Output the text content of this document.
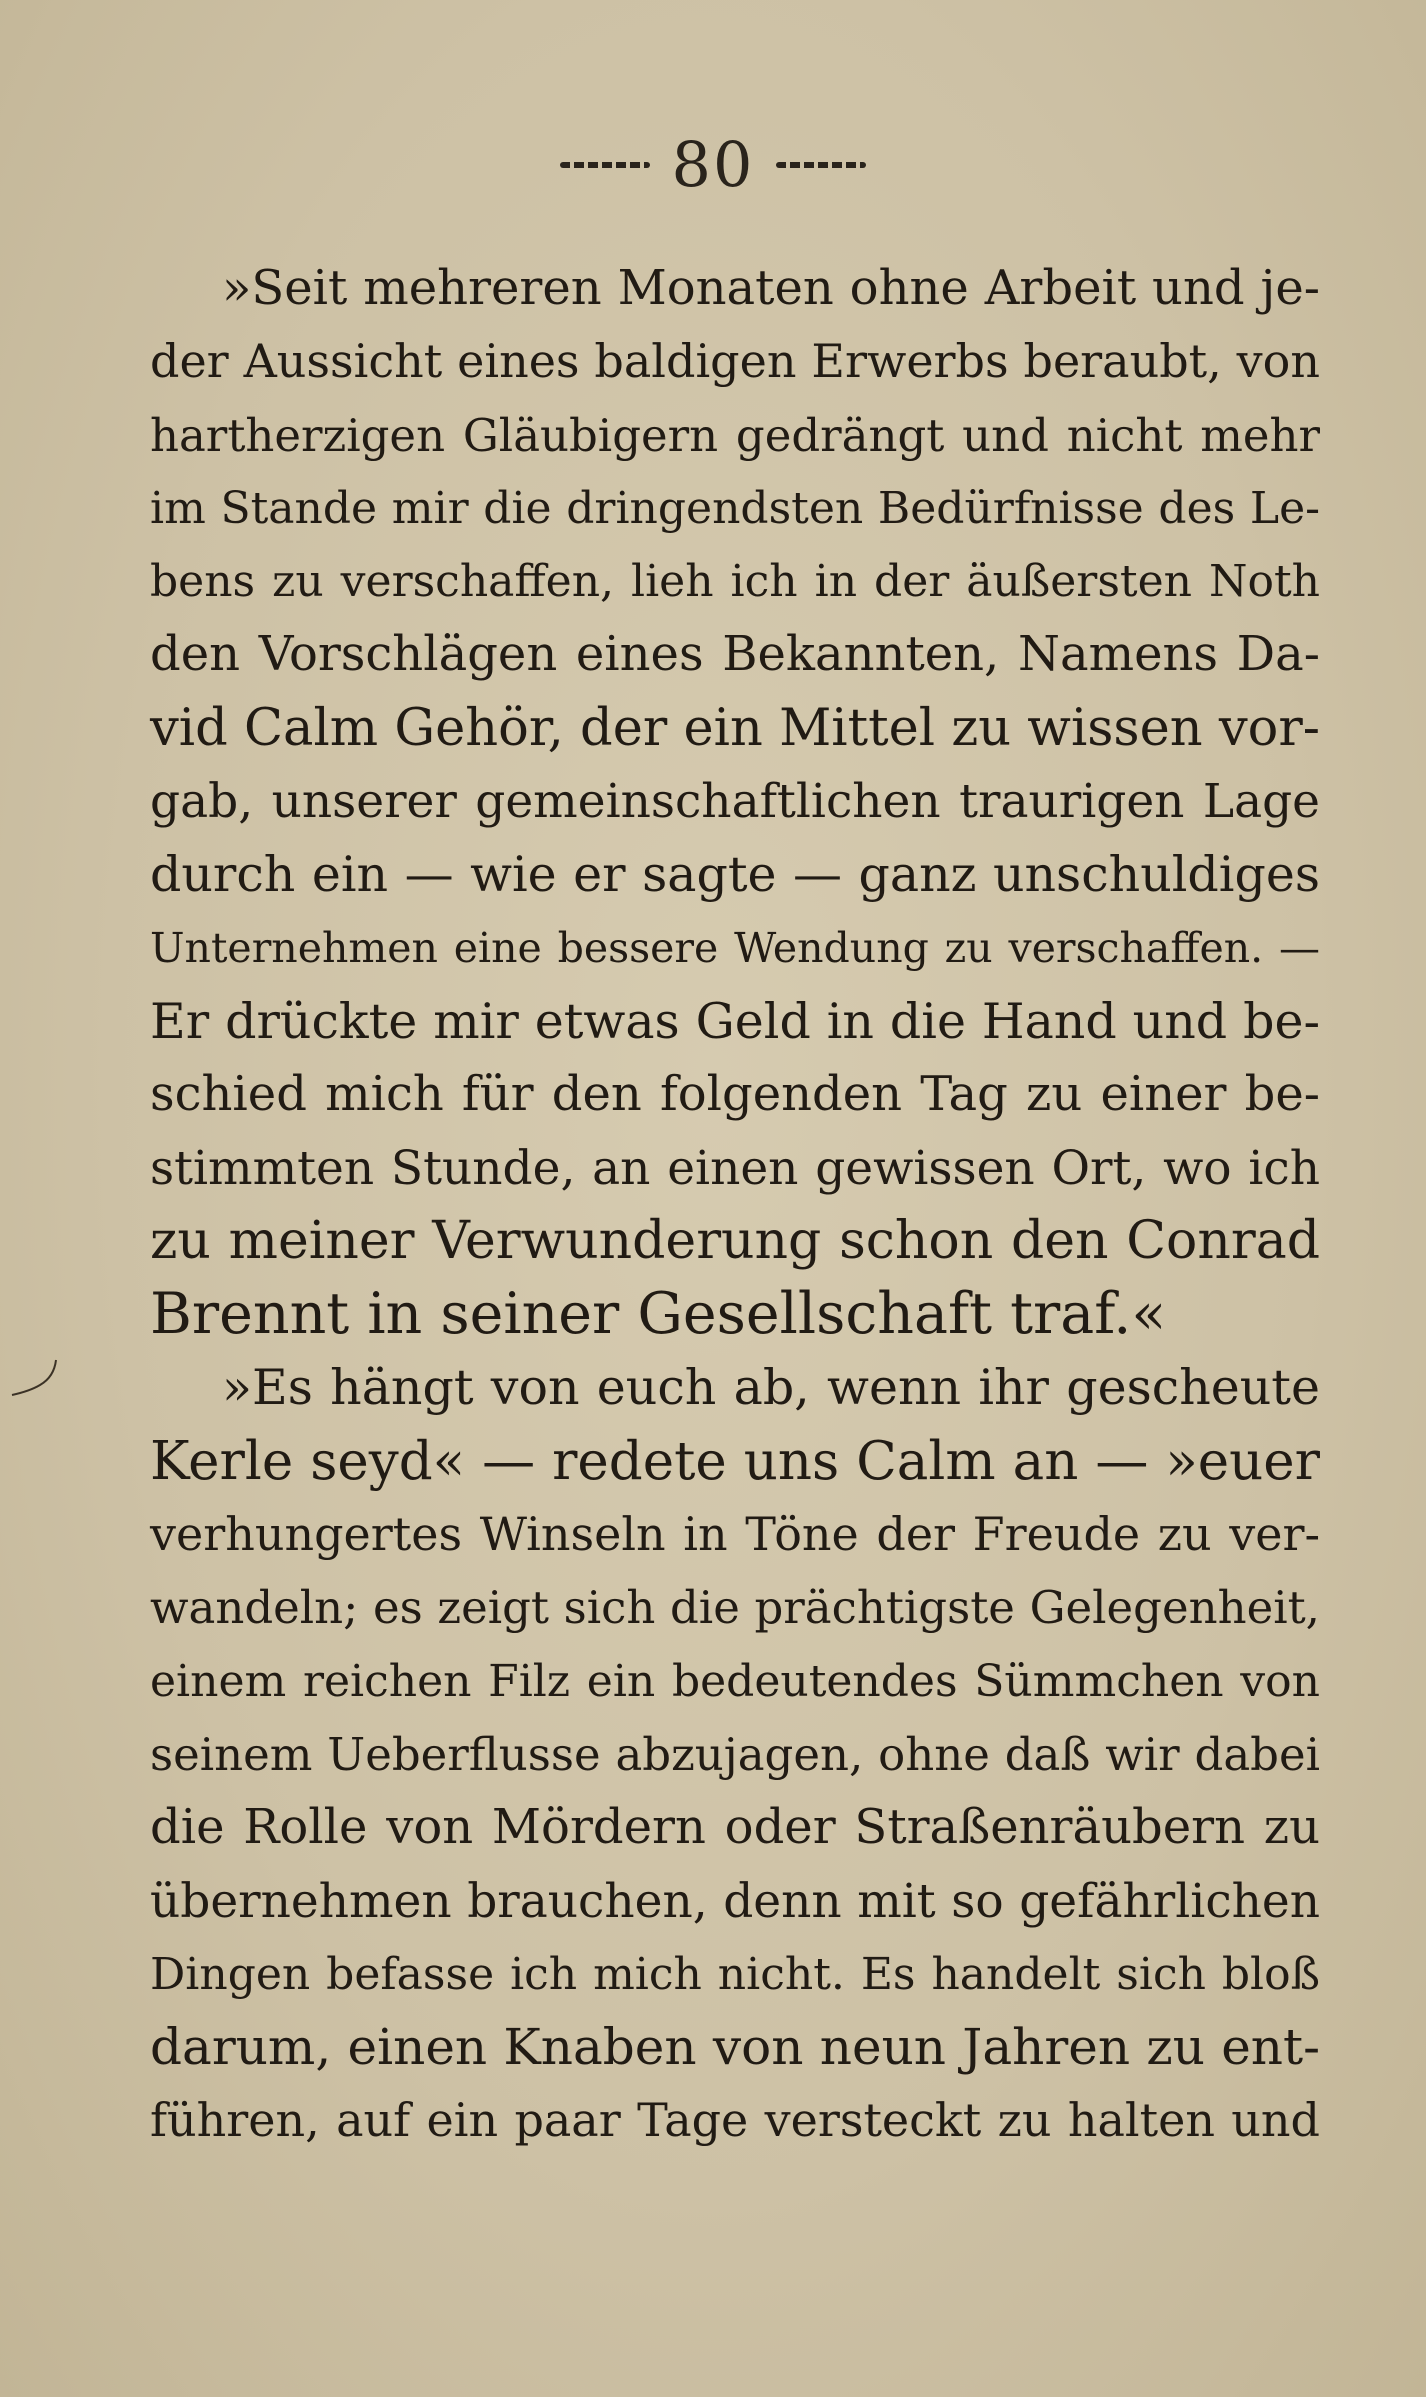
80
»Seit mehreren Monaten ohne Arbeit und je-
der Aussicht eines baldigen Erwerbs beraubt, von
hartherzigen Gläubigern gedrängt und nicht mehr
im Stande mir die dringendsten Bedürfnisse des Le-
bens zu verschaffen, lieh ich in der äußersten Noth
den Vorschlägen eines Bekannten, Namens Da-
vid Calm Gehör, der ein Mittel zu wissen vor-
gab, unserer gemeinschaftlichen traurigen Lage
durch ein — wie er sagte — ganz unschuldiges
Unternehmen eine bessere Wendung zu verschaffen. —
Er drückte mir etwas Geld in die Hand und be-
schied mich für den folgenden Tag zu einer be-
stimmten Stunde, an einen gewissen Ort, wo ich
zu meiner Verwunderung schon den Conrad
Brennt in seiner Gesellschaft traf.«
»Es hängt von euch ab, wenn ihr gescheute
Kerle seyd« — redete uns Calm an — »euer
verhungertes Winseln in Töne der Freude zu ver-
wandeln; es zeigt sich die prächtigste Gelegenheit,
einem reichen Filz ein bedeutendes Sümmchen von
seinem Ueberflusse abzujagen, ohne daß wir dabei
die Rolle von Mördern oder Straßenräubern zu
übernehmen brauchen, denn mit so gefährlichen
Dingen befasse ich mich nicht. Es handelt sich bloß
darum, einen Knaben von neun Jahren zu ent-
führen, auf ein paar Tage versteckt zu halten und
